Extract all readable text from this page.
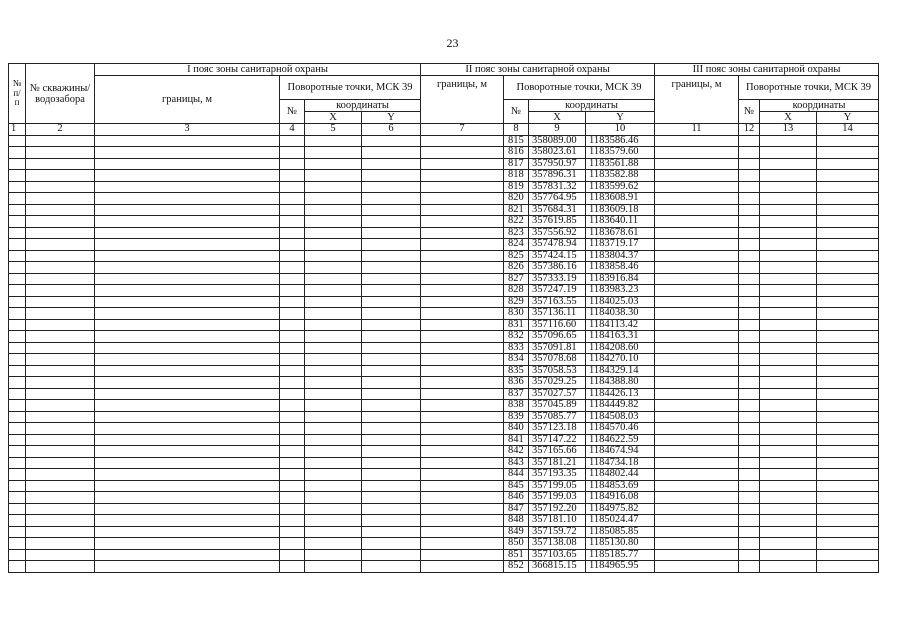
23
№ п/п	№ скважины/ водозабора	I пояс зоны санитарной охраны				II пояс зоны санитарной охраны				III пояс зоны санитарной охраны			
		границы, м	Поворотные точки, МСК 39			границы, м	Поворотные точки, МСК 39			границы, м	Поворотные точки, МСК 39		
			№	координаты			№	координаты			№	координаты	
				X	Y			X	Y			X	Y
1	2	3	4	5	6	7	8	9	10	11	12	13	14
							815	358089.00	1183586.46				
							816	358023.61	1183579.60				
							817	357950.97	1183561.88				
							818	357896.31	1183582.88				
							819	357831.32	1183599.62				
							820	357764.95	1183608.91				
							821	357684.31	1183609.18				
							822	357619.85	1183640.11				
							823	357556.92	1183678.61				
							824	357478.94	1183719.17				
							825	357424.15	1183804.37				
							826	357386.16	1183858.46				
							827	357333.19	1183916.84				
							828	357247.19	1183983.23				
							829	357163.55	1184025.03				
							830	357136.11	1184038.30				
							831	357116.60	1184113.42				
							832	357096.65	1184163.31				
							833	357091.81	1184208.60				
							834	357078.68	1184270.10				
							835	357058.53	1184329.14				
							836	357029.25	1184388.80				
							837	357027.57	1184426.13				
							838	357045.89	1184449.82				
							839	357085.77	1184508.03				
							840	357123.18	1184570.46				
							841	357147.22	1184622.59				
							842	357165.66	1184674.94				
							843	357181.21	1184734.18				
							844	357193.35	1184802.44				
							845	357199.05	1184853.69				
							846	357199.03	1184916.08				
							847	357192.20	1184975.82				
							848	357181.10	1185024.47				
							849	357159.72	1185085.85				
							850	357138.08	1185130.80				
							851	357103.65	1185185.77				
							852	366815.15	1184965.95				
